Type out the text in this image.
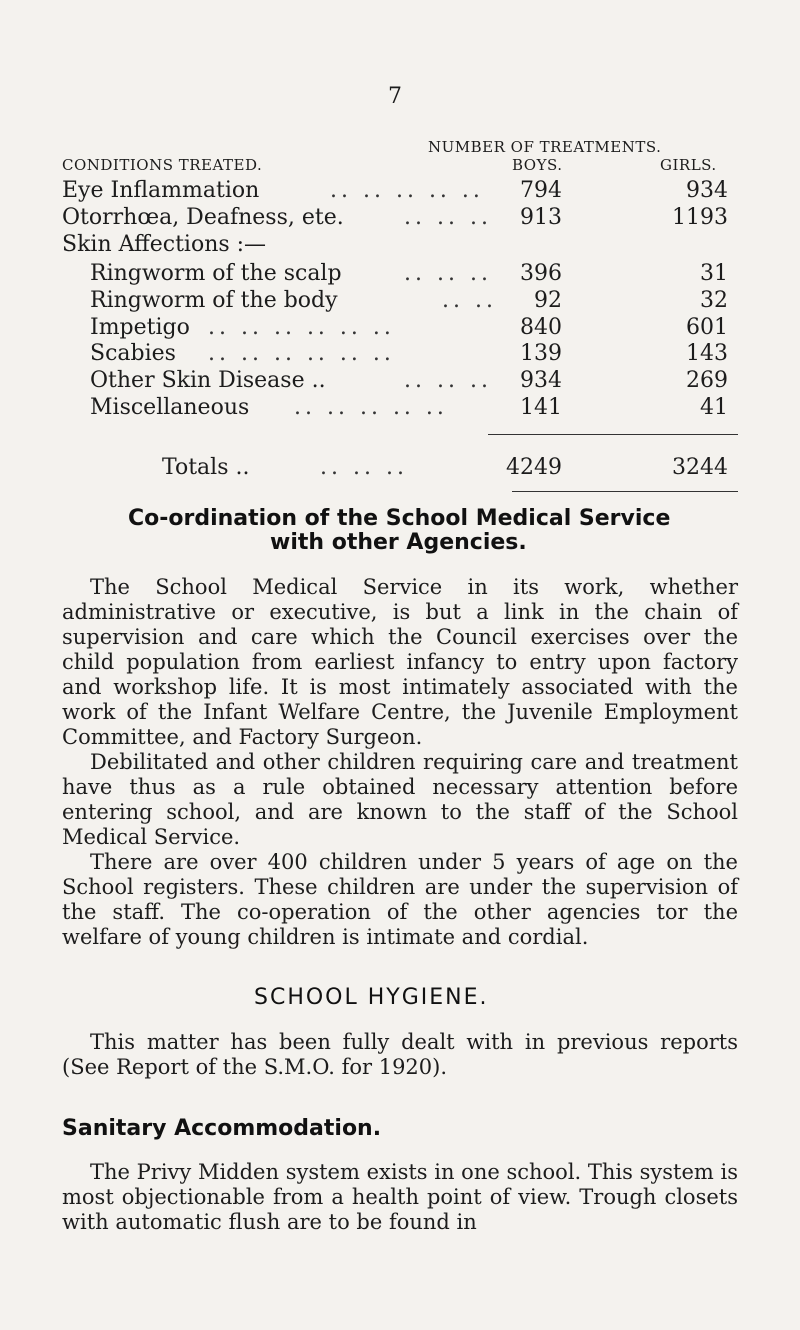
7
NUMBER OF TREATMENTS.
CONDITIONS TREATED.	BOYS.	GIRLS.
Eye Inflammation	.. .. .. .. ..	794	934
Otorrhœa, Deafness, ete.	.. .. ..	913	1193
Skin Affections :—
Ringworm of the scalp	.. .. ..	396	31
Ringworm of the body	.. ..	92	32
Impetigo .. .. .. .. .. ..	840	601
Scabies .. .. .. .. .. ..	139	143
Other Skin Disease ..	.. .. ..	934	269
Miscellaneous .. .. .. .. ..	141	41
Totals ..	.. .. ..	4249	3244
Co-ordination of the School Medical Service
with other Agencies.

The School Medical Service in its work, whether administrative or executive, is but a link in the chain of supervision and care which the Council exercises over the child population from earliest infancy to entry upon factory and workshop life. It is most intimately associated with the work of the Infant Welfare Centre, the Juvenile Employment Committee, and Factory Surgeon.

Debilitated and other children requiring care and treatment have thus as a rule obtained necessary attention before entering school, and are known to the staff of the School Medical Service.

There are over 400 children under 5 years of age on the School registers. These children are under the supervision of the staff. The co-operation of the other agencies tor the welfare of young children is intimate and cordial.

SCHOOL HYGIENE.

This matter has been fully dealt with in previous reports (See Report of the S.M.O. for 1920).

Sanitary Accommodation.

The Privy Midden system exists in one school. This system is most objectionable from a health point of view. Trough closets with automatic flush are to be found in
